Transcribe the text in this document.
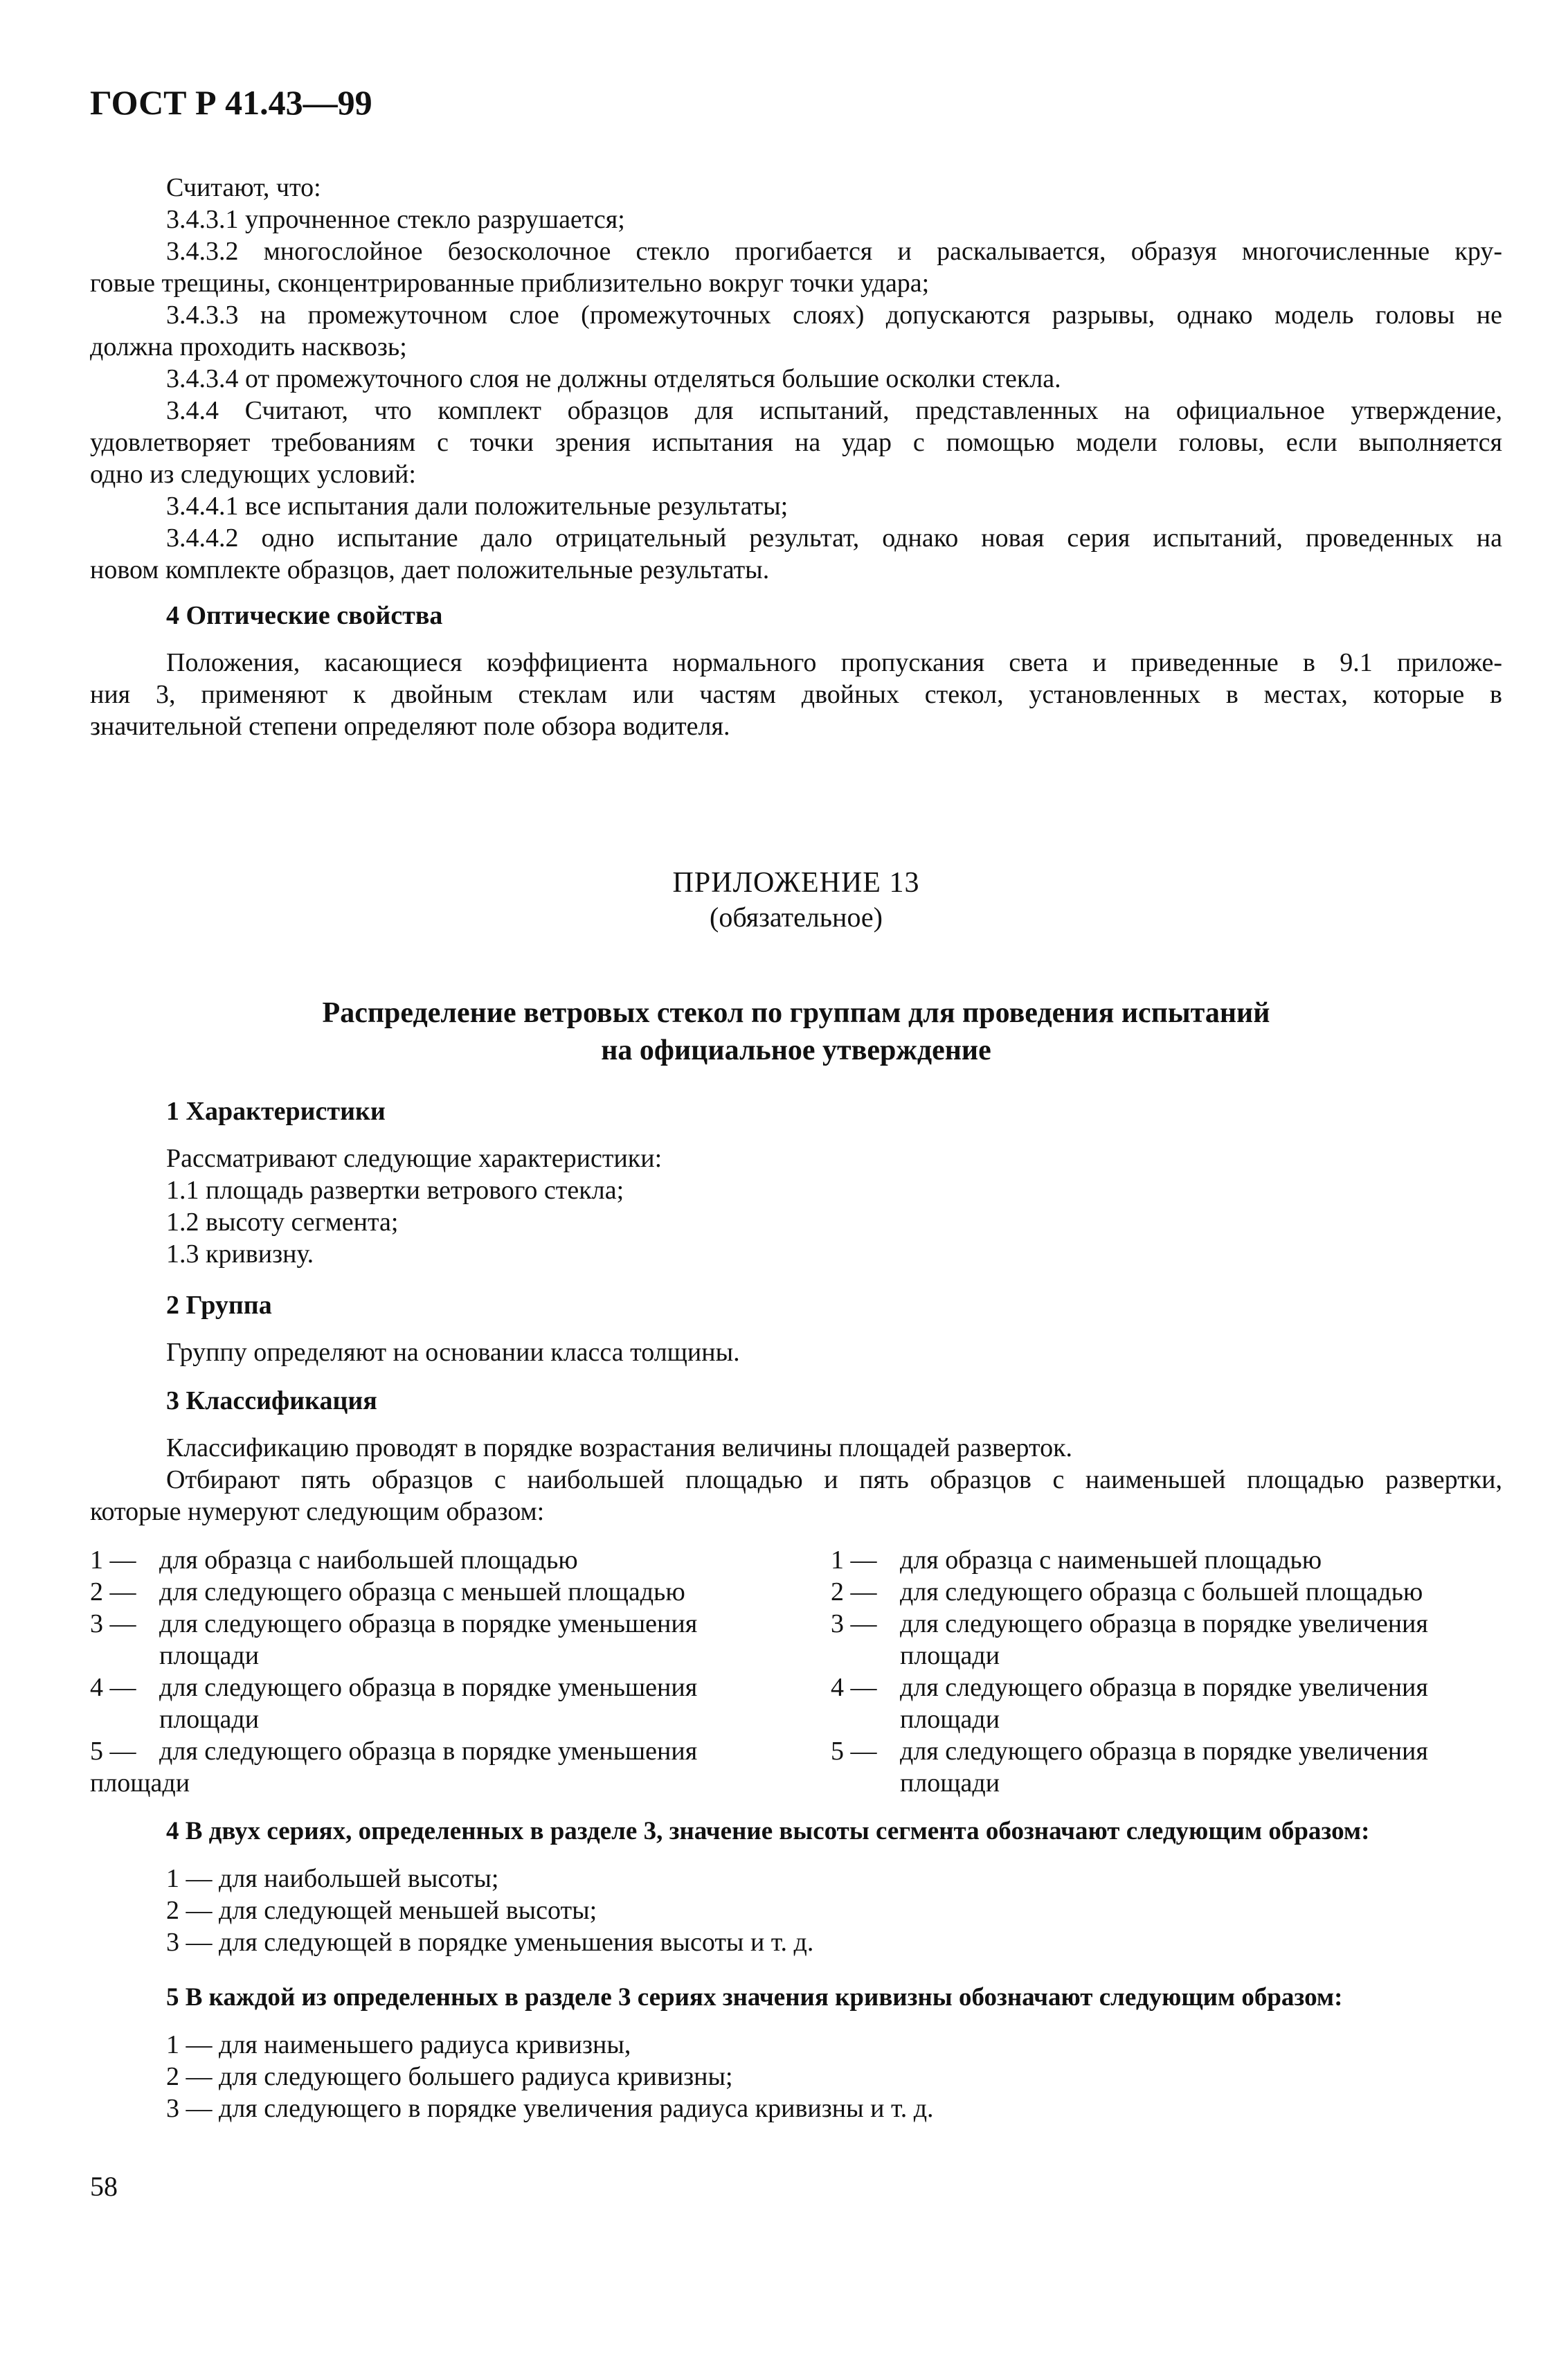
ГОСТ Р 41.43—99

Считают, что:

3.4.3.1 упрочненное стекло разрушается;

3.4.3.2 многослойное безосколочное стекло прогибается и раскалывается, образуя многочисленные кру-

говые трещины, сконцентрированные приблизительно вокруг точки удара;

3.4.3.3 на промежуточном слое (промежуточных слоях) допускаются разрывы, однако модель головы не

должна проходить насквозь;

3.4.3.4 от промежуточного слоя не должны отделяться большие осколки стекла.

3.4.4 Считают, что комплект образцов для испытаний, представленных на официальное утверждение,

удовлетворяет требованиям с точки зрения испытания на удар с помощью модели головы, если выполняется

одно из следующих условий:

3.4.4.1 все испытания дали положительные результаты;

3.4.4.2 одно испытание дало отрицательный результат, однако новая серия испытаний, проведенных на

новом комплекте образцов, дает положительные результаты.

4 Оптические свойства

Положения, касающиеся коэффициента нормального пропускания света и приведенные в 9.1 приложе-

ния 3, применяют к двойным стеклам или частям двойных стекол, установленных в местах, которые в

значительной степени определяют поле обзора водителя.

ПРИЛОЖЕНИЕ 13

(обязательное)

Распределение ветровых стекол по группам для проведения испытаний

на официальное утверждение

1 Характеристики

Рассматривают следующие характеристики:

1.1 площадь развертки ветрового стекла;

1.2 высоту сегмента;

1.3 кривизну.

2 Группа

Группу определяют на основании класса толщины.

3 Классификация

Классификацию проводят в порядке возрастания величины площадей разверток.

Отбирают пять образцов с наибольшей площадью и пять образцов с наименьшей площадью развертки,

которые нумеруют следующим образом:

1 — для образца с наибольшей площадью

2 — для следующего образца с меньшей площадью

3 — для следующего образца в порядке уменьшения

площади

4 — для следующего образца в порядке уменьшения

площади

5 — для следующего образца в порядке уменьшения

площади

1 — для образца с наименьшей площадью

2 — для следующего образца с большей площадью

3 — для следующего образца в порядке увеличения

площади

4 — для следующего образца в порядке увеличения

площади

5 — для следующего образца в порядке увеличения

площади

4 В двух сериях, определенных в разделе 3, значение высоты сегмента обозначают следующим образом:

1 — для наибольшей высоты;

2 — для следующей меньшей высоты;

3 — для следующей в порядке уменьшения высоты и т. д.

5 В каждой из определенных в разделе 3 сериях значения кривизны обозначают следующим образом:

1 — для наименьшего радиуса кривизны,

2 — для следующего большего радиуса кривизны;

3 — для следующего в порядке увеличения радиуса кривизны и т. д.

58
